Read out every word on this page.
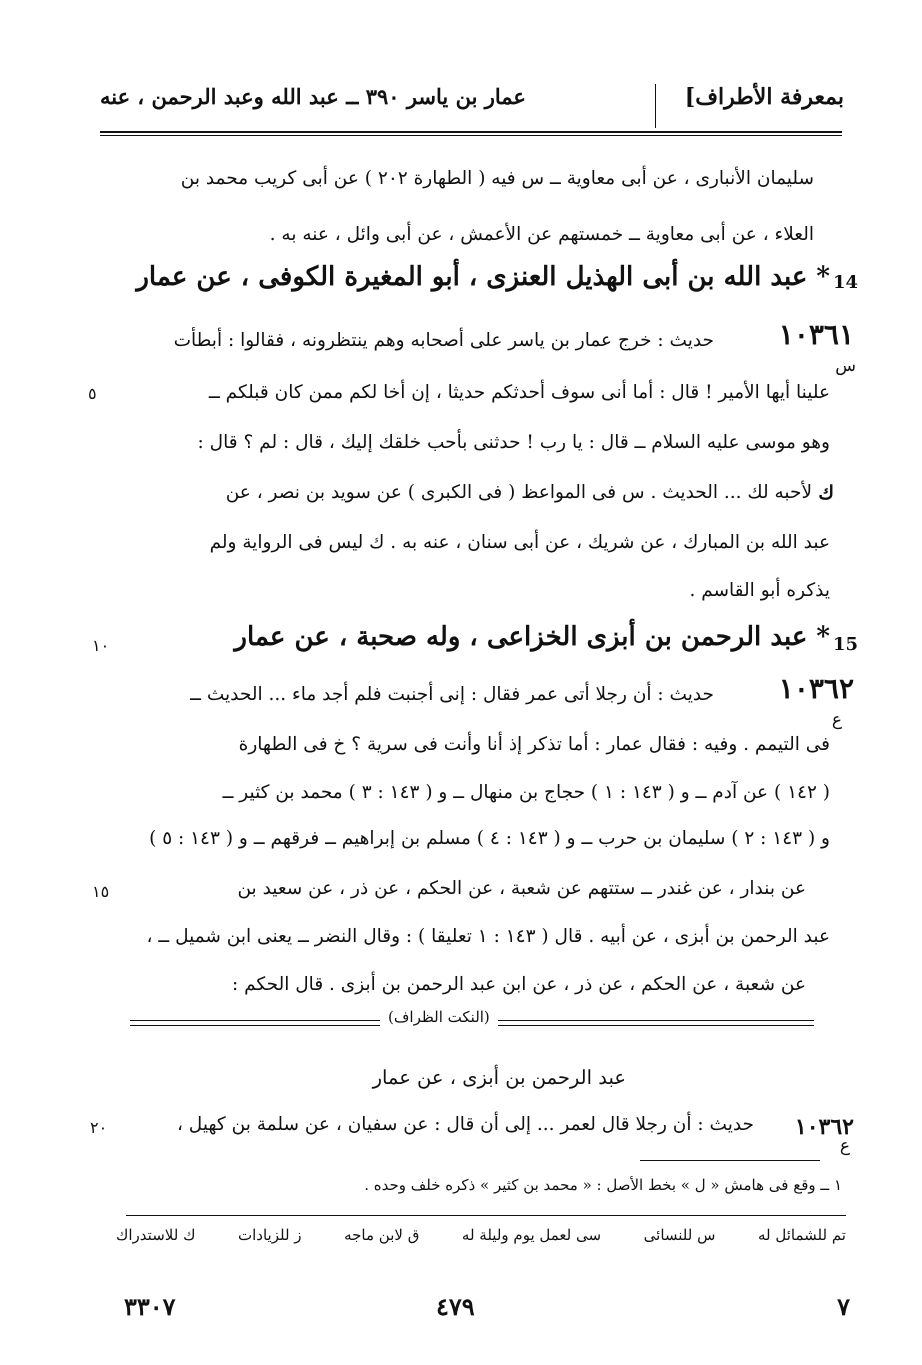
بمعرفة الأطراف]
عمار بن ياسر ٣٩٠ ــ عبد الله وعبد الرحمن ، عنه
سليمان الأنبارى ، عن أبى معاوية ــ س فيه ( الطهارة ٢٠٢ ) عن أبى كريب محمد بن
العلاء ، عن أبى معاوية ــ خمستهم عن الأعمش ، عن أبى وائل ، عنه به .
14
* عبد الله بن أبى الهذيل العنزى ، أبو المغيرة الكوفى ، عن عمار
١٠٣٦١
س
حديث : خرج عمار بن ياسر على أصحابه وهم ينتظرونه ، فقالوا : أبطأت
علينا أيها الأمير ! قال : أما أنى سوف أحدثكم حديثا ، إن أخا لكم ممن كان قبلكم ــ
٥
وهو موسى عليه السلام ــ قال : يا رب ! حدثنى بأحب خلقك إليك ، قال : لم ؟ قال :
لأحبه لك ... الحديث . س فى المواعظ ( فى الكبرى ) عن سويد بن نصر ، عن ك
عبد الله بن المبارك ، عن شريك ، عن أبى سنان ، عنه به . ك ليس فى الرواية ولم
يذكره أبو القاسم .
15
* عبد الرحمن بن أبزى الخزاعى ، وله صحبة ، عن عمار
١٠
١٠٣٦٢
ع
حديث : أن رجلا أتى عمر فقال : إنى أجنبت فلم أجد ماء ... الحديث ــ
فى التيمم . وفيه : فقال عمار : أما تذكر إذ أنا وأنت فى سرية ؟ خ فى الطهارة
( ١٤٢ ) عن آدم ــ و ( ١٤٣ : ١ ) حجاج بن منهال ــ و ( ١٤٣ : ٣ ) محمد بن كثير ــ
و ( ١٤٣ : ٢ ) سليمان بن حرب ــ و ( ١٤٣ : ٤ ) مسلم بن إبراهيم ــ فرقهم ــ و ( ١٤٣ : ٥ )
عن بندار ، عن غندر ــ ستتهم عن شعبة ، عن الحكم ، عن ذر ، عن سعيد بن
١٥
عبد الرحمن بن أبزى ، عن أبيه . قال ( ١٤٣ : ١ تعليقا ) : وقال النضر ــ يعنى ابن شميل ــ ،
عن شعبة ، عن الحكم ، عن ذر ، عن ابن عبد الرحمن بن أبزى . قال الحكم :
(النكت الظراف)
عبد الرحمن بن أبزى ، عن عمار
١٠٣٦٢
حديث : أن رجلا قال لعمر ... إلى أن قال : عن سفيان ، عن سلمة بن كهيل ،
ع
٢٠
١ ــ وقع فى هامش « ل » بخط الأصل : « محمد بن كثير » ذكره خلف وحده .
تم للشمائل له
س للنسائى
سى لعمل يوم وليلة له
ق لابن ماجه
ز للزيادات
ك للاستدراك
٣٣٠٧	٤٧٩	٧
